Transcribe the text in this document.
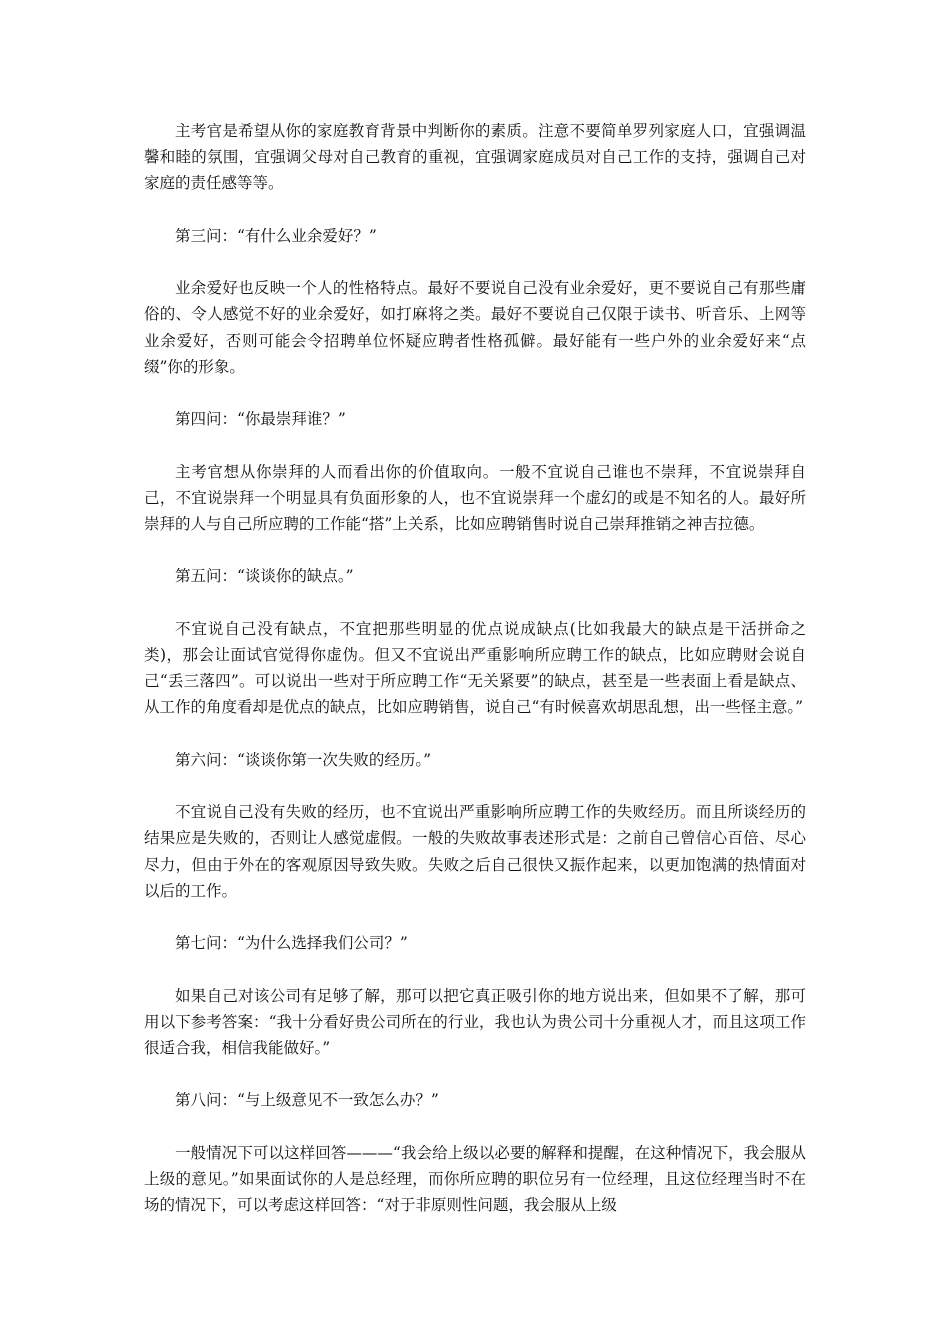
主考官是希望从你的家庭教育背景中判断你的素质。注意不要简单罗列家庭人口，宜强调温馨和睦的氛围，宜强调父母对自己教育的重视，宜强调家庭成员对自己工作的支持，强调自己对家庭的责任感等等。

第三问：“有什么业余爱好？”

业余爱好也反映一个人的性格特点。最好不要说自己没有业余爱好，更不要说自己有那些庸俗的、令人感觉不好的业余爱好，如打麻将之类。最好不要说自己仅限于读书、听音乐、上网等业余爱好，否则可能会令招聘单位怀疑应聘者性格孤僻。最好能有一些户外的业余爱好来“点缀”你的形象。

第四问：“你最崇拜谁？”

主考官想从你崇拜的人而看出你的价值取向。一般不宜说自己谁也不崇拜，不宜说崇拜自己，不宜说崇拜一个明显具有负面形象的人，也不宜说崇拜一个虚幻的或是不知名的人。最好所崇拜的人与自己所应聘的工作能“搭”上关系，比如应聘销售时说自己崇拜推销之神吉拉德。

第五问：“谈谈你的缺点。”

不宜说自己没有缺点，不宜把那些明显的优点说成缺点(比如我最大的缺点是干活拼命之类)，那会让面试官觉得你虚伪。但又不宜说出严重影响所应聘工作的缺点，比如应聘财会说自己“丢三落四”。可以说出一些对于所应聘工作“无关紧要”的缺点，甚至是一些表面上看是缺点、从工作的角度看却是优点的缺点，比如应聘销售，说自己“有时候喜欢胡思乱想，出一些怪主意。”

第六问：“谈谈你第一次失败的经历。”

不宜说自己没有失败的经历，也不宜说出严重影响所应聘工作的失败经历。而且所谈经历的结果应是失败的，否则让人感觉虚假。一般的失败故事表述形式是：之前自己曾信心百倍、尽心尽力，但由于外在的客观原因导致失败。失败之后自己很快又振作起来，以更加饱满的热情面对以后的工作。

第七问：“为什么选择我们公司？”

如果自己对该公司有足够了解，那可以把它真正吸引你的地方说出来，但如果不了解，那可用以下参考答案：“我十分看好贵公司所在的行业，我也认为贵公司十分重视人才，而且这项工作很适合我，相信我能做好。”

第八问：“与上级意见不一致怎么办？”

一般情况下可以这样回答———“我会给上级以必要的解释和提醒，在这种情况下，我会服从上级的意见。”如果面试你的人是总经理，而你所应聘的职位另有一位经理，且这位经理当时不在场的情况下，可以考虑这样回答：“对于非原则性问题，我会服从上级
